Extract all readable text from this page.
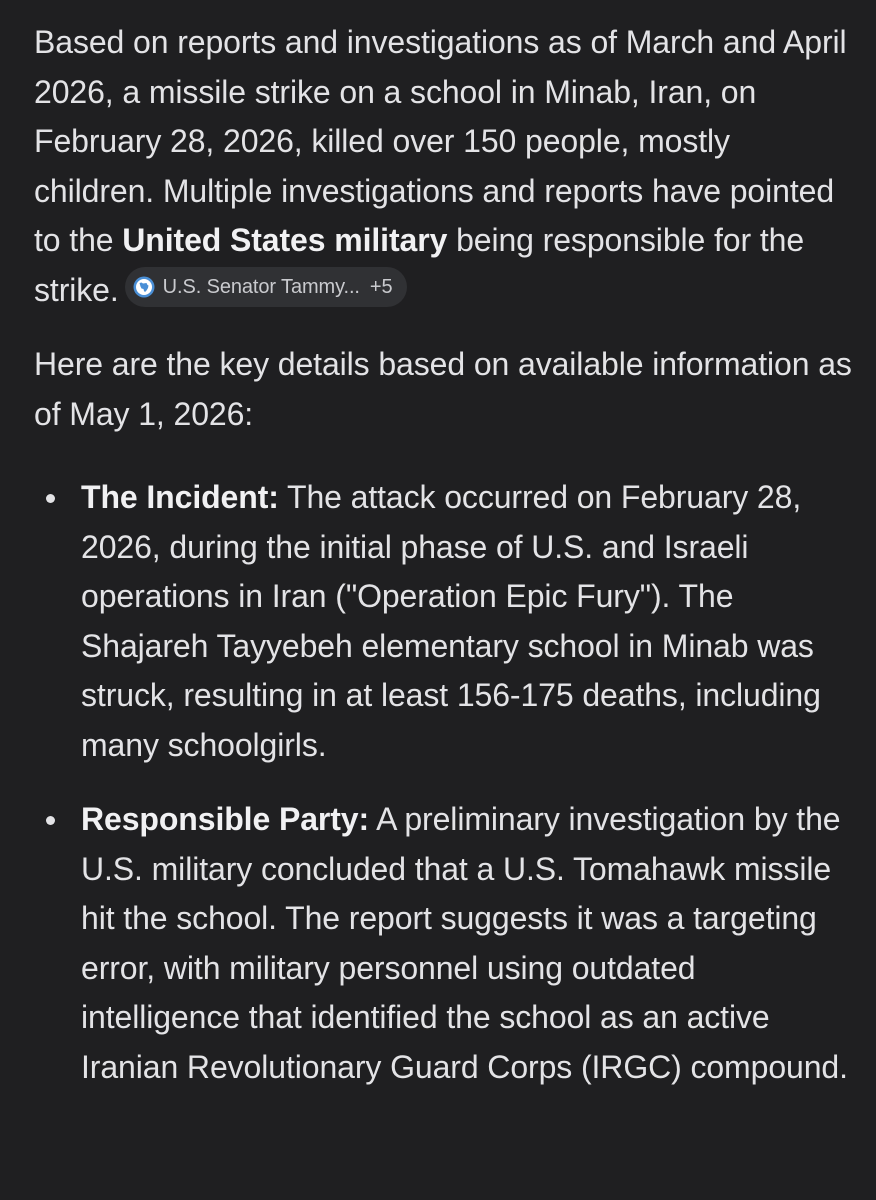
Based on reports and investigations as of March and April 2026, a missile strike on a school in Minab, Iran, on February 28, 2026, killed over 150 people, mostly children. Multiple investigations and reports have pointed to the United States military being responsible for the strike. U.S. Senator Tammy... +5

Here are the key details based on available information as of May 1, 2026:

The Incident: The attack occurred on February 28, 2026, during the initial phase of U.S. and Israeli operations in Iran ("Operation Epic Fury"). The Shajareh Tayyebeh elementary school in Minab was struck, resulting in at least 156-175 deaths, including many schoolgirls.
Responsible Party: A preliminary investigation by the U.S. military concluded that a U.S. Tomahawk missile hit the school. The report suggests it was a targeting error, with military personnel using outdated intelligence that identified the school as an active Iranian Revolutionary Guard Corps (IRGC) compound.
